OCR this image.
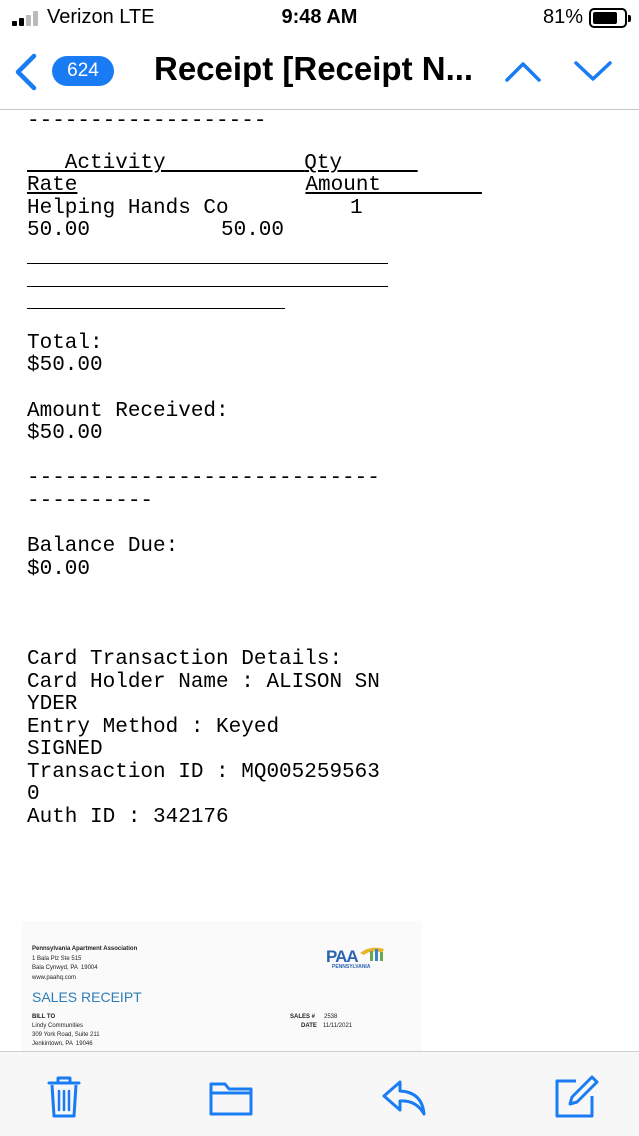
Verizon LTE	9:48 AM	81%
624	Receipt [Receipt N...
-------------------
Activity           Qty
Rate	Amount
Helping Hands Co	1
50.00	50.00
Total:
$50.00
Amount Received:
$50.00
----------------------------
----------
Balance Due:
$0.00
Card Transaction Details:
Card Holder Name : ALISON SN
YDER
Entry Method : Keyed
SIGNED
Transaction ID : MQ005259563
0
Auth ID : 342176
Pennsylvania Apartment Association
1 Bala Plz Ste 515
Bala Cynwyd, PA  19004
www.paahq.com
SALES RECEIPT
BILL TO
Lindy Communities
309 York Road, Suite 211
Jenkintown, PA  19046
SALES # 2538
DATE 11/11/2021
PAA
PENNSYLVANIA
